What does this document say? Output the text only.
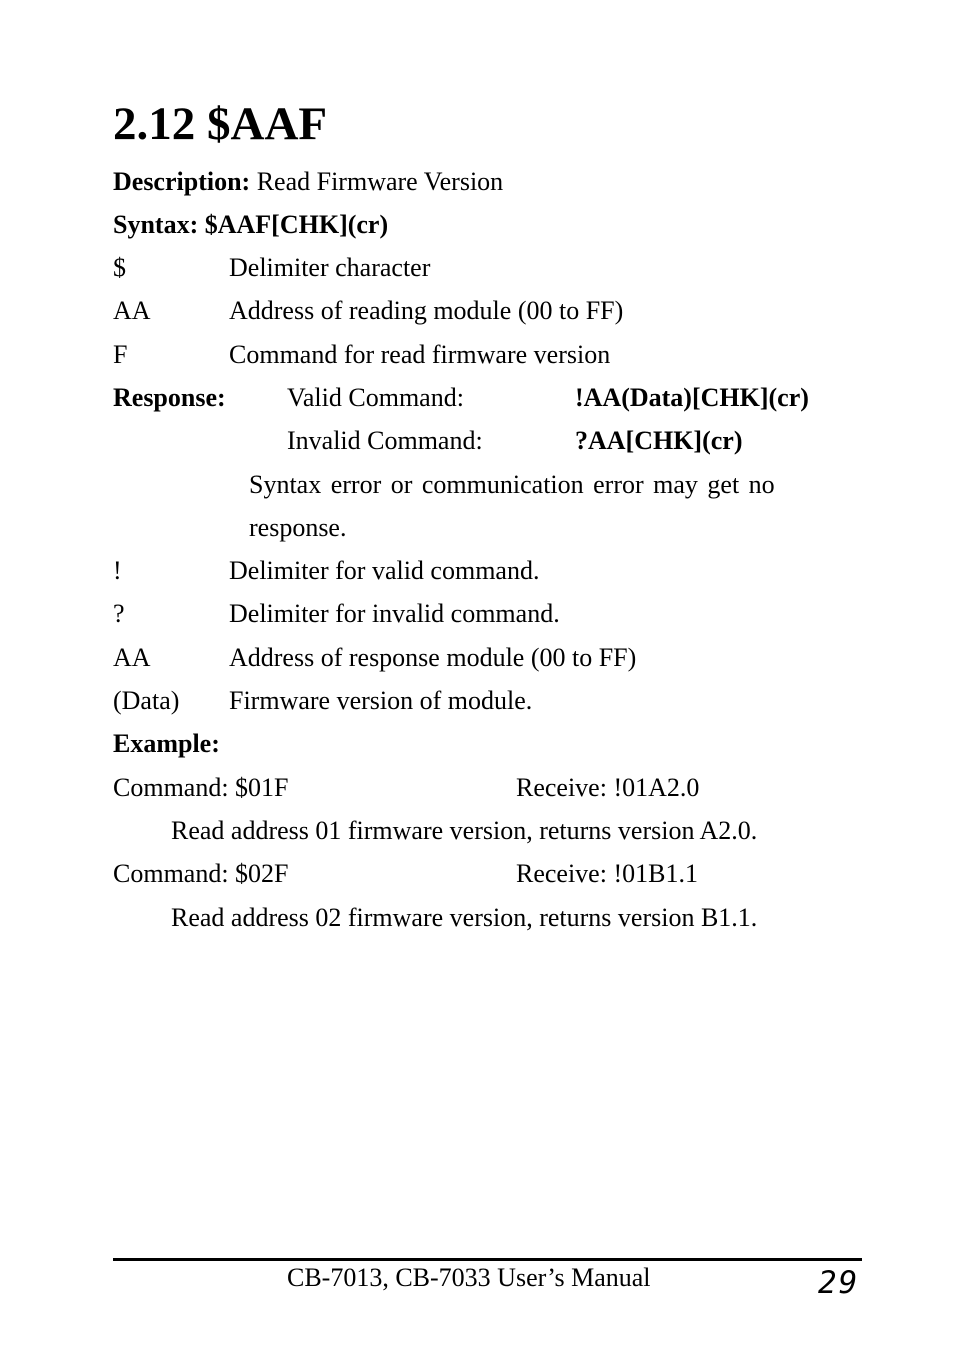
2.12 $AAF
Description: Read Firmware Version
Syntax: $AAF[CHK](cr)
$	Delimiter character
AA	Address of reading module (00 to FF)
F	Command for read firmware version
Response: Valid Command:	!AA(Data)[CHK](cr)
Invalid Command:	?AA[CHK](cr)
Syntax error or communication error may get no
response.
!	Delimiter for valid command.
?	Delimiter for invalid command.
AA	Address of response module (00 to FF)
(Data) Firmware version of module.
Example:
Command: $01F	Receive: !01A2.0
Read address 01 firmware version, returns version A2.0.
Command: $02F	Receive: !01B1.1
Read address 02 firmware version, returns version B1.1.
CB-7013, CB-7033 User’s Manual	29
